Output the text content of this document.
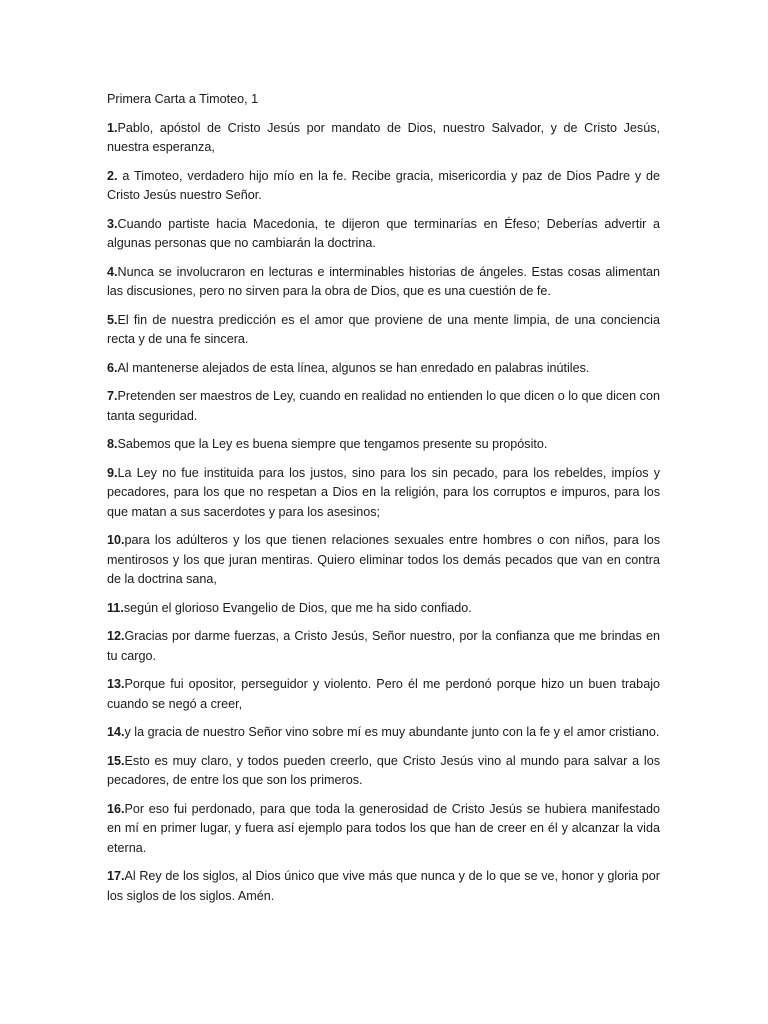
Primera Carta a Timoteo, 1

1.Pablo, apóstol de Cristo Jesús por mandato de Dios, nuestro Salvador, y de Cristo Jesús, nuestra esperanza,

2. a Timoteo, verdadero hijo mío en la fe. Recibe gracia, misericordia y paz de Dios Padre y de Cristo Jesús nuestro Señor.

3.Cuando partiste hacia Macedonia, te dijeron que terminarías en Éfeso; Deberías advertir a algunas personas que no cambiarán la doctrina.

4.Nunca se involucraron en lecturas e interminables historias de ángeles. Estas cosas alimentan las discusiones, pero no sirven para la obra de Dios, que es una cuestión de fe.

5.El fin de nuestra predicción es el amor que proviene de una mente limpia, de una conciencia recta y de una fe sincera.

6.Al mantenerse alejados de esta línea, algunos se han enredado en palabras inútiles.

7.Pretenden ser maestros de Ley, cuando en realidad no entienden lo que dicen o lo que dicen con tanta seguridad.

8.Sabemos que la Ley es buena siempre que tengamos presente su propósito.

9.La Ley no fue instituida para los justos, sino para los sin pecado, para los rebeldes, impíos y pecadores, para los que no respetan a Dios en la religión, para los corruptos e impuros, para los que matan a sus sacerdotes y para los asesinos;

10.para los adúlteros y los que tienen relaciones sexuales entre hombres o con niños, para los mentirosos y los que juran mentiras. Quiero eliminar todos los demás pecados que van en contra de la doctrina sana,

11.según el glorioso Evangelio de Dios, que me ha sido confiado.

12.Gracias por darme fuerzas, a Cristo Jesús, Señor nuestro, por la confianza que me brindas en tu cargo.

13.Porque fui opositor, perseguidor y violento. Pero él me perdonó porque hizo un buen trabajo cuando se negó a creer,

14.y la gracia de nuestro Señor vino sobre mí es muy abundante junto con la fe y el amor cristiano.

15.Esto es muy claro, y todos pueden creerlo, que Cristo Jesús vino al mundo para salvar a los pecadores, de entre los que son los primeros.

16.Por eso fui perdonado, para que toda la generosidad de Cristo Jesús se hubiera manifestado en mí en primer lugar, y fuera así ejemplo para todos los que han de creer en él y alcanzar la vida eterna.

17.Al Rey de los siglos, al Dios único que vive más que nunca y de lo que se ve, honor y gloria por los siglos de los siglos. Amén.
